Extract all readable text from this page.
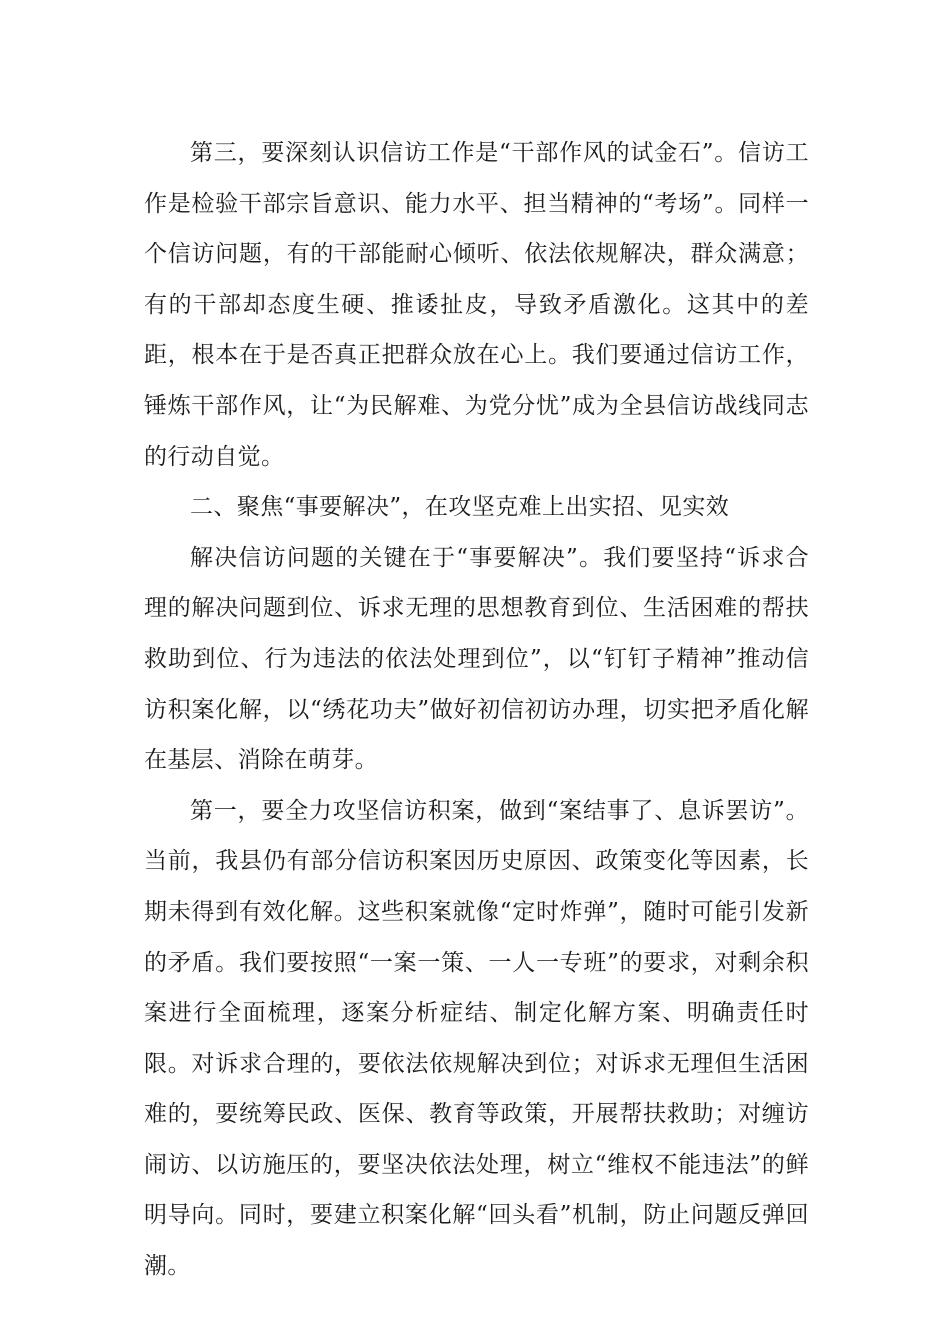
第三，要深刻认识信访工作是“干部作风的试金石”。信访工作是检验干部宗旨意识、能力水平、担当精神的“考场”。同样一个信访问题，有的干部能耐心倾听、依法依规解决，群众满意；有的干部却态度生硬、推诿扯皮，导致矛盾激化。这其中的差距，根本在于是否真正把群众放在心上。我们要通过信访工作，锤炼干部作风，让“为民解难、为党分忧”成为全县信访战线同志的行动自觉。

二、聚焦“事要解决”，在攻坚克难上出实招、见实效

解决信访问题的关键在于“事要解决”。我们要坚持“诉求合理的解决问题到位、诉求无理的思想教育到位、生活困难的帮扶救助到位、行为违法的依法处理到位”，以“钉钉子精神”推动信访积案化解，以“绣花功夫”做好初信初访办理，切实把矛盾化解在基层、消除在萌芽。

第一，要全力攻坚信访积案，做到“案结事了、息诉罢访”。当前，我县仍有部分信访积案因历史原因、政策变化等因素，长期未得到有效化解。这些积案就像“定时炸弹”，随时可能引发新的矛盾。我们要按照“一案一策、一人一专班”的要求，对剩余积案进行全面梳理，逐案分析症结、制定化解方案、明确责任时限。对诉求合理的，要依法依规解决到位；对诉求无理但生活困难的，要统筹民政、医保、教育等政策，开展帮扶救助；对缠访闹访、以访施压的，要坚决依法处理，树立“维权不能违法”的鲜明导向。同时，要建立积案化解“回头看”机制，防止问题反弹回潮。
